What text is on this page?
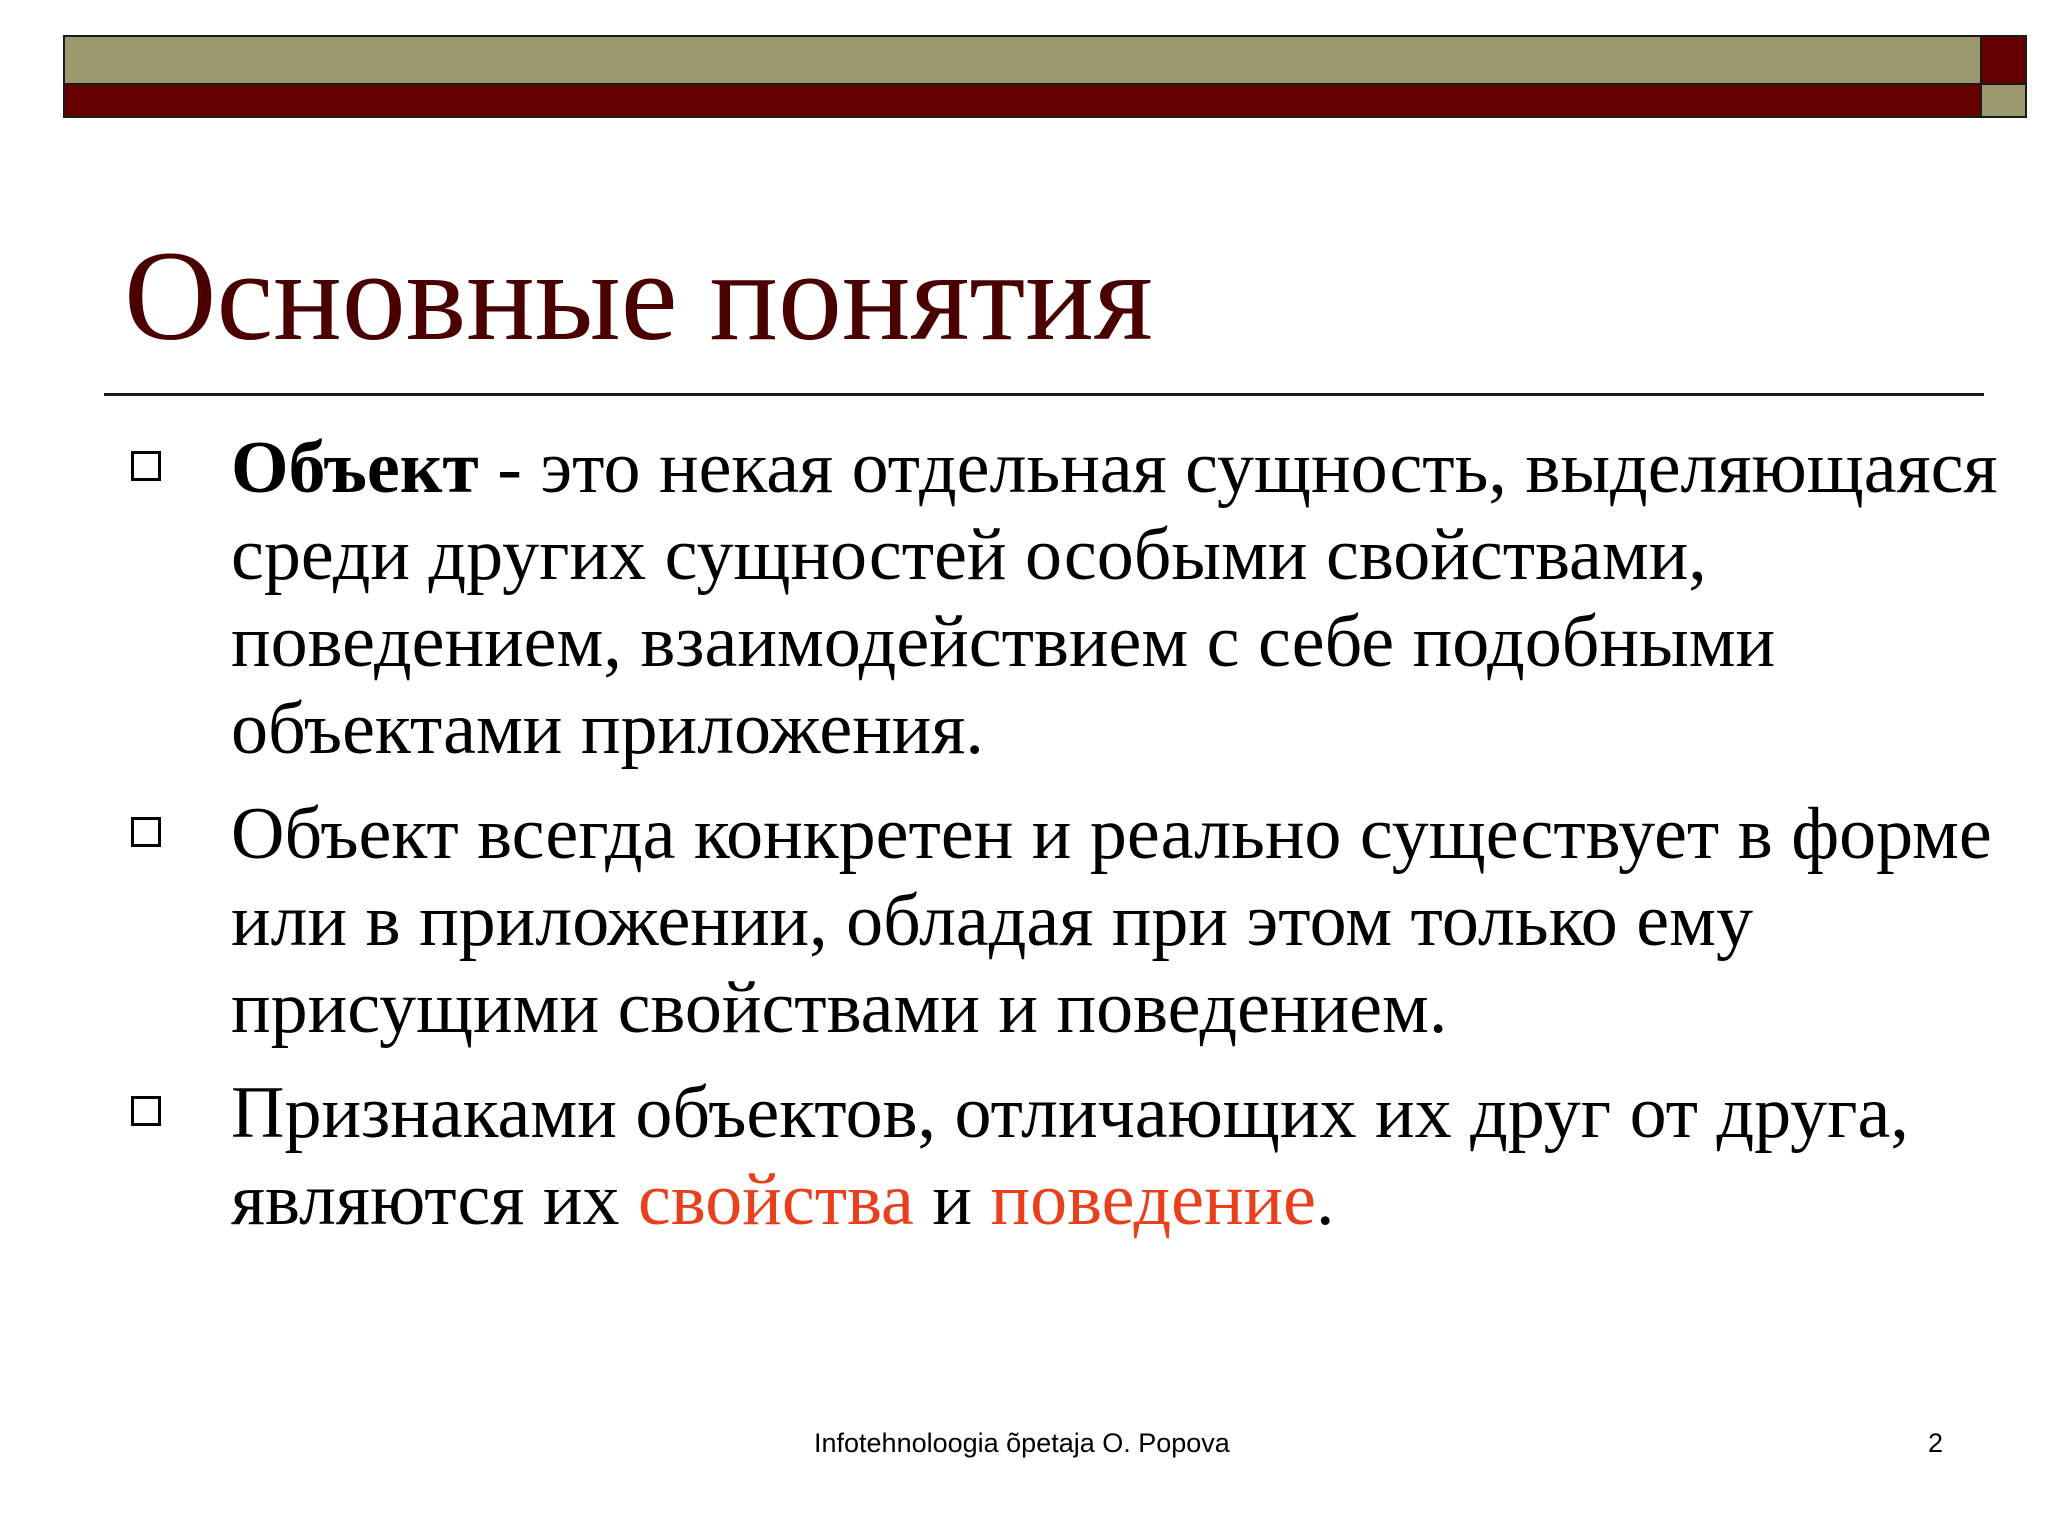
Основные понятия
Объект - это некая отдельная сущность, выделяющаяся среди других сущностей особыми свойствами, поведением, взаимодействием с себе подобными объектами приложения.
Объект всегда конкретен и реально существует в форме или в приложении, обладая при этом только ему присущими свойствами и поведением.
Признаками объектов, отличающих их друг от друга, являются их свойства и поведение.
Infotehnoloogia õpetaja O. Popova	2
